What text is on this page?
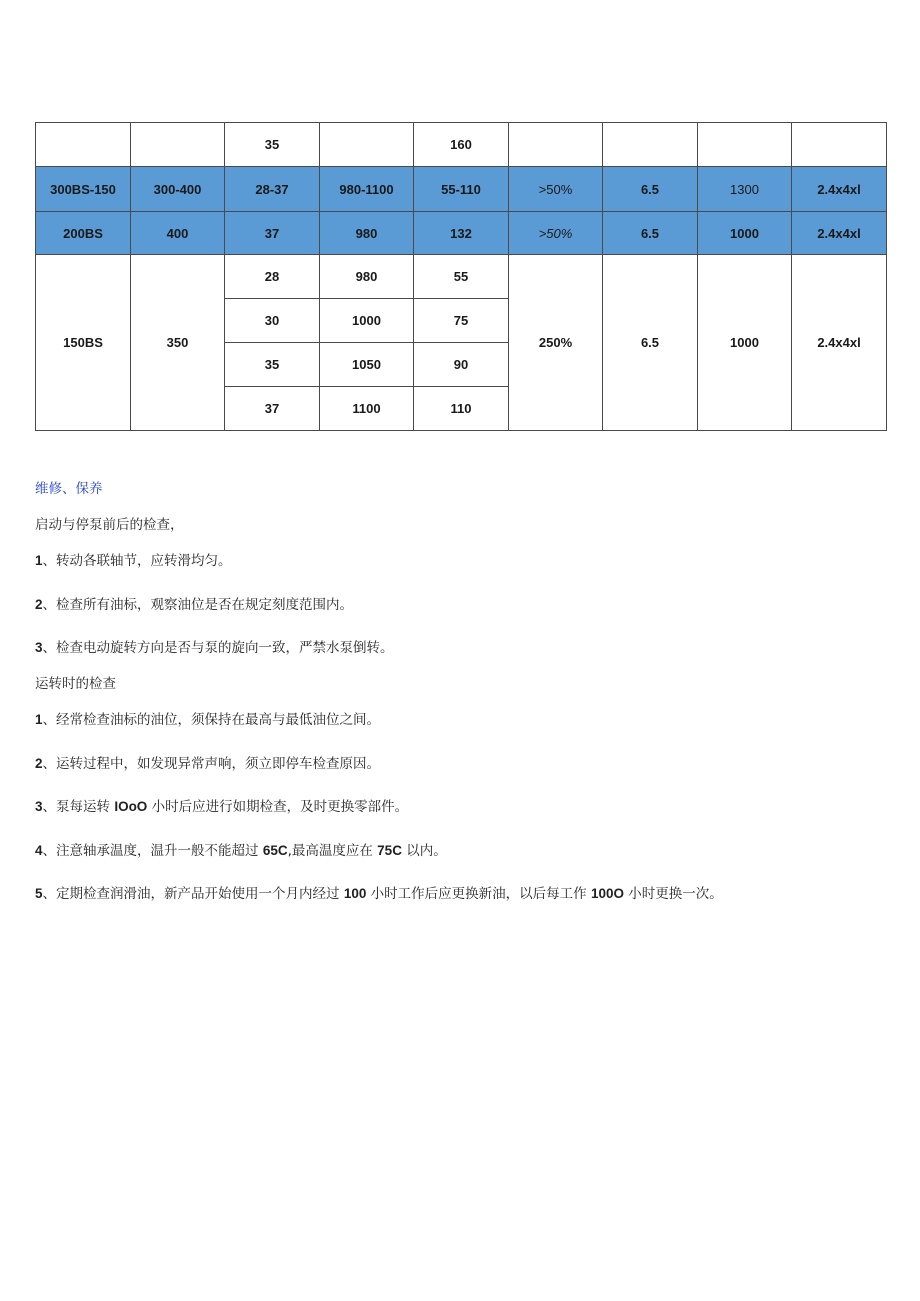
		35		160				
300BS-150	300-400	28-37	980-1100	55-110	>50%	6.5	1300	2.4x4xl
200BS	400	37	980	132	>50%	6.5	1000	2.4x4xl
150BS	350	28	980	55	250%	6.5	1000	2.4x4xl
		30	1000	75				
		35	1050	90				
		37	1100	110				
维修、保养
启动与停泵前后的检查，
1、转动各联轴节，应转滑均匀。
2、检查所有油标，观察油位是否在规定刻度范围内。
3、检查电动旋转方向是否与泵的旋向一致，严禁水泵倒转。
运转时的检查
1、经常检查油标的油位，须保持在最高与最低油位之间。
2、运转过程中，如发现异常声响，须立即停车检查原因。
3、泵每运转 IOoO 小时后应进行如期检查，及时更换零部件。
4、注意轴承温度，温升一般不能超过 65C,最高温度应在 75C 以内。
5、定期检查润滑油，新产品开始使用一个月内经过 100 小时工作后应更换新油，以后每工作 100O 小时更换一次。
